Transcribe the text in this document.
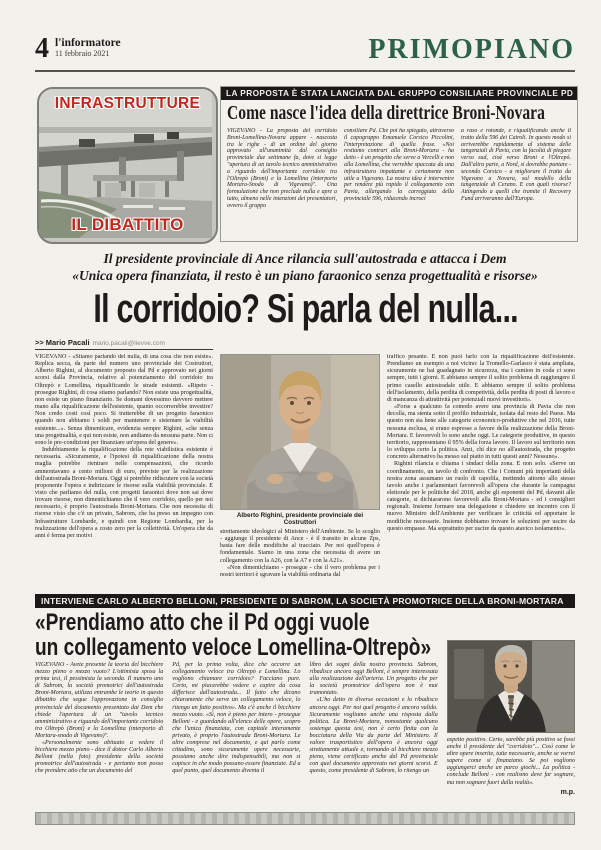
4 l'informatore
11 febbraio 2021	PRIMOPIANO
INFRASTRUTTURE
IL DIBATTITO
LA PROPOSTA È STATA LANCIATA DAL GRUPPO CONSILIARE PROVINCIALE PD
Come nasce l'idea della direttrice Broni-Novara

VIGEVANO - La proposta del corridoio Broni-Lomellina-Novara appare - nascosta tra le righe - di un ordine del giorno approvato all'unanimità dal consiglio provinciale due settimane fa, dove si legge "apertura di un tavolo tecnico amministrativo a riguardo dell'importante corridoio tra l'Oltrepò (Broni) e la Lomellina (interporto Mortara-Snodo di Vigevano)". Una formulazione che non preclude nulla e apre a tutto, almeno nelle intenzioni dei presentatori, ovvero il gruppo

consiliare Pd. Che poi ha spiegato, attraverso il capogruppo Emanuele Corsico Piccolini, l'interpretazione di quella frase. «Noi restiamo contrari alla Broni-Mortara - ha detto - è un progetto che serve a Vercelli e non alla Lomellina, che verrebbe spaccata da una infrastruttura impattante e certamente non utile a Vigevano. La nostra idea è intervenire per rendere più rapido il collegamento con Pavia, allargando la carreggiata della provinciale 596, riducendo incroci

a raso e rotonde, e riqualificando anche il tratto della 596 dei Cairoli. In questo modo si arriverebbe rapidamente al sistema delle tangenziali di Pavia, con la facoltà di piegare verso sud, cioè verso Broni e l'Oltrepò. Dall'altra parte, a Nord, si dovrebbe puntare - secondo Corsico - a migliorare il tratto da Vigevano a Novara, sul modello della tangenziale di Cerano. E con quali risorse? Attingendo a quelli che tramite il Recovery Fund arriveranno dall'Europa.

Il presidente provinciale di Ance rilancia sull'autostrada e attacca i Dem
«Unica opera finanziata, il resto è un piano faraonico senza progettualità e risorse»
Il corridoio? Si parla del nulla...
>> Mario Pacali mario.pacali@lievve.com

VIGEVANO - «Stiamo parlando del nulla, di una cosa che non esiste». Replica secca, da parte del numero uno provinciale dei Costruttori, Alberto Righini, al documento proposto dal Pd e approvato nei giorni scorsi dalla Provincia, relativo al potenziamento del corridoio tra Oltrepò e Lomellina, riqualificando le strade esistenti. «Ripeto - prosegue Righini, di cosa stiamo parlando? Non esiste una progettualità, non esiste un piano finanziario. Se domani dovessimo davvero mettere mano alla riqualificazione dell'esistente, quanto occorrerebbe investire? Non credo costi così poco. Si tratterebbe di un progetto faraonico quando non abbiamo i soldi per mantenere e sistemare la viabilità esistente...». Senza dimenticare, evidenzia sempre Righini, «che senza una progettualità, e qui non esiste, non andiamo da nessuna parte. Non ci sono le pre-condizioni per finanziare un'opera del genere».

Indubbiamente la riqualificazione della rete viabilistica esistente è necessaria. «Sicuramente, e l'ipotesi di riqualificazione della nostra maglia potrebbe rientrare nelle compensazioni, che ricordo ammontavano a cento milioni di euro, previste per la realizzazione dell'autostrada Broni-Mortara. Oggi si potrebbe ridiscutere con la società proponente l'opera e indirizzare le risorse sulla viabilità provinciale. E visto che parliamo del nulla, con progetti faraonici dove non sai dove trovare risorse, non dimentichiamo che il vero corridoio, quello per noi necessario, è proprio l'autostrada Broni-Mortara. Che non necessita di risorse visto che c'è un privato, Sabrom, che ha preso un impegno con Infrastrutture Lombarde, e quindi con Regione Lombardia, per la realizzazione dell'opera a costo zero per la collettività. Un'opera che da anni è ferma per motivi

Alberto Righini, presidente provinciale dei Costruttori

strettamente ideologici al Ministero dell'Ambiente. Se lo scoglio - aggiunge il presidente di Ance - è il transito in alcune Zps, basta fare delle modifiche al tracciato. Per noi quell'opera è fondamentale. Siamo in una zona che necessita di avere un collegamento con la A26, con la A7 e con la A21».

«Non dimentichiamo - prosegue - che il vero problema per i nostri territori è sgravare la viabilità ordinaria dal

traffico pesante. E non puoi farlo con la riqualificazione dell'esistente. Prendiamo un esempio a noi vicino: la Tromello-Garlasco è stata ampliata, sicuramente ne hai guadagnato in sicurezza, ma i camion in coda ci sono sempre, tutti i giorni. E abbiamo sempre il solito problema di raggiungere il primo casello autostradale utile. E abbiamo sempre il solito problema dell'isolamento, della perdita di competività, della perdita di posti di lavoro e di mancanza di attrattività per potenziali nuovi investitori».

«Forse a qualcuno fa comodo avere una provincia di Pavia che non decolla, ma stenta sotto il profilo industriale, isolata dal resto del Paese. Ma questo non sta bene alle categorie economico-produttive che nel 2016, tutte nessuna esclusa, si erano espresse a favore della realizzazione della Broni-Mortara. E favorevoli lo sono anche oggi. Le categorie produttive, in questo territorio, rappresentano il 95% della forza lavoro. Il lavoro sul territorio non lo sviluppa certo la politica. Anzi, chi dice no all'autostrada, che progetto concreto alternativo ha messo sul piatto in tutti questi anni? Nessuno».

Righini rilancia e chiama i sindaci della zona. E non solo. «Serve un coordinamento, un tavolo di confronto. Che i Comuni più importanti della nostra zona assumano un ruolo di capofila, mettendo attorno allo stesso tavolo anche i parlamentari favorevoli all'opera che durante la campagna elettorale per le politiche del 2018, anche gli esponenti del Pd, davanti alle categorie, si dichiararono favorevoli alla Broni-Mortara - ed i consiglieri regionali. Insieme formare una delegazione e chiedere un incontro con il nuovo Ministro dell'Ambiente per verificare le criticità ed apportare le modifiche necessarie. Insieme dobbiamo trovare le soluzioni per uscire da questo empasse. Ma soprattutto per uscire da questo atavico isolamento».

INTERVIENE CARLO ALBERTO BELLONI, PRESIDENTE DI SABROM, LA SOCIETÀ PROMOTRICE DELLA BRONI-MORTARA
«Prendiamo atto che il Pd oggi vuole
un collegamento veloce Lomellina-Oltrepò»

VIGEVANO - Avete presente la teoria del bicchiere mezzo pieno o mezzo vuoto? L'ottimista sposa la prima tesi, il pessimista la seconda. Il numero uno di Sabrom, la società promotrici dell'autostrada Broni-Mortara, utilizza entrambe le teorie in questo dibattito che segue l'approvazione in consiglio provinciale del documento presentato dai Dem che chiede l'apertura di un "tavolo tecnico amministrativo a riguardo dell'importante corridoio tra Oltrepò (Broni) e la Lomellina (interporto di Mortara-snodo di Vigevano)".

«Personalmente sono abituato a vedere il bicchiere mezzo pieno - dice il dottor Carlo Alberto Belloni (nella foto) presidente della società promotrice dell'autostrada - e pertanto non posso che prendere atto che un documento del

Pd, per la prima volta, dice che occorre un collegamento veloce tra Oltrepò e Lomellina. Lo vogliono chiamare corridoio? Facciano pure. Certo, mi piacerebbe vedere e capire da cosa differisce dall'autostrada... Il fatto che dicano chiaramente che serve un collegamento veloce, lo ritengo un fatto positivo». Ma c'è anche il bicchiere mezzo vuoto. «Sì, non è pieno per intero - prosegue Belloni - e guardando all'elenco delle opere, scopro che l'unica finanziata, con capitale interamente privato, è proprio l'autostrada Broni-Mortara. Le altre comprese nel documento, e qui parlo come cittadino, sono sicuramente opere necessarie, possiamo anche dire indispensabili, ma non si capisce in che modo possano essere finanziate. Ed a quel punto, quel documento diventa il

libro dei sogni della nostra provincia. Sabrom, ribadisce ancora oggi Belloni, è sempre interessata alla realizzazione dell'arteria. Un progetto che per la società promotrice dell'opera non è mai tramontato.

«L'ho detto in diverse occasioni e lo ribadisco ancora oggi. Per noi quel progetto è ancora valido. Sicuramente vogliamo anche una risposta dalla politica. La Broni-Mortara, nonostante qualcuno sostenga questa tesi, non è certo finita con la bocciatura della Via da parte del Ministero. Il valore trasportistico dell'opera è ancora oggi strettamente attuale e, tornando al bicchiere mezzo pieno, viene certificato anche dal Pd provinciale con quel documento approvato nei giorni scorsi. E questo, come presidente di Sabrom, lo ritengo un

aspetto positivo. Certo, sarebbe più positivo se fossi anche il presidente del "corridoio"... Così come le altre opere inserite, tutte necessarie, anche se vorrei sapere come si finanziano. Se poi vogliono aggiungerci anche un parco giochi... La politica - conclude Belloni - con realismo deve far sognare, ma non sognare fuori dalla realtà».

m.p.
